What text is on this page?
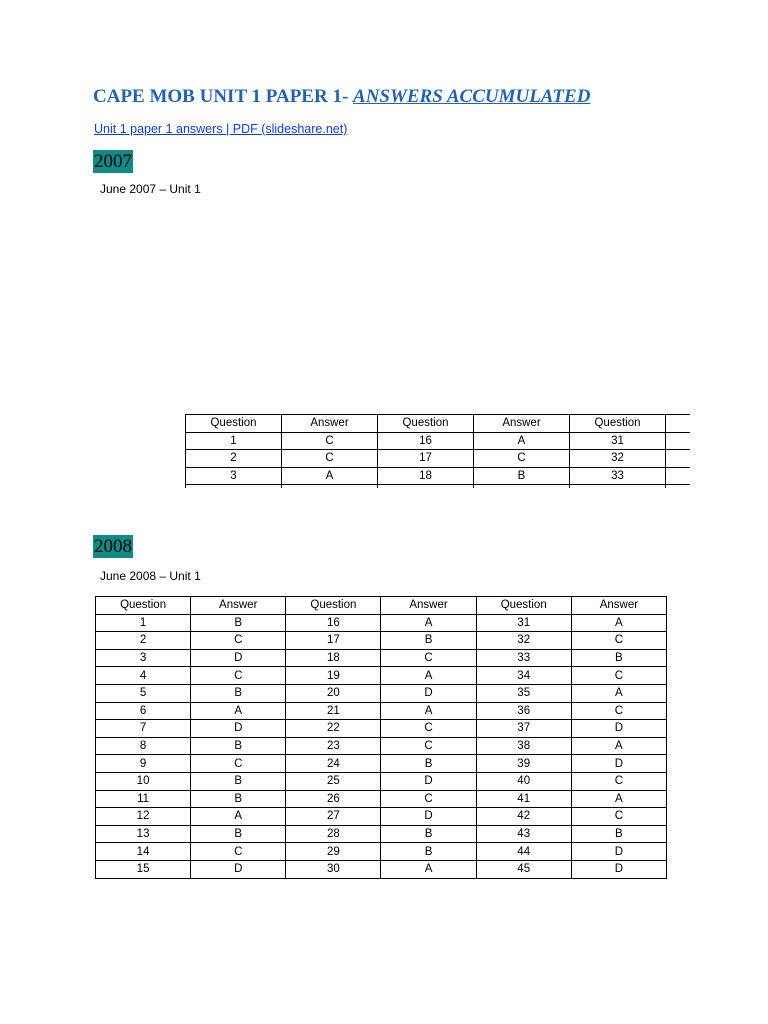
CAPE MOB UNIT 1 PAPER 1- ANSWERS ACCUMULATED
Unit 1 paper 1 answers | PDF (slideshare.net)
2007
June 2007 – Unit 1
Question	Answer	Question	Answer	Question	
1	C	16	A	31	
2	C	17	C	32	
3	A	18	B	33	

2008
June 2008 – Unit 1
Question	Answer	Question	Answer	Question	Answer
1	B	16	A	31	A
2	C	17	B	32	C
3	D	18	C	33	B
4	C	19	A	34	C
5	B	20	D	35	A
6	A	21	A	36	C
7	D	22	C	37	D
8	B	23	C	38	A
9	C	24	B	39	D
10	B	25	D	40	C
11	B	26	C	41	A
12	A	27	D	42	C
13	B	28	B	43	B
14	C	29	B	44	D
15	D	30	A	45	D
